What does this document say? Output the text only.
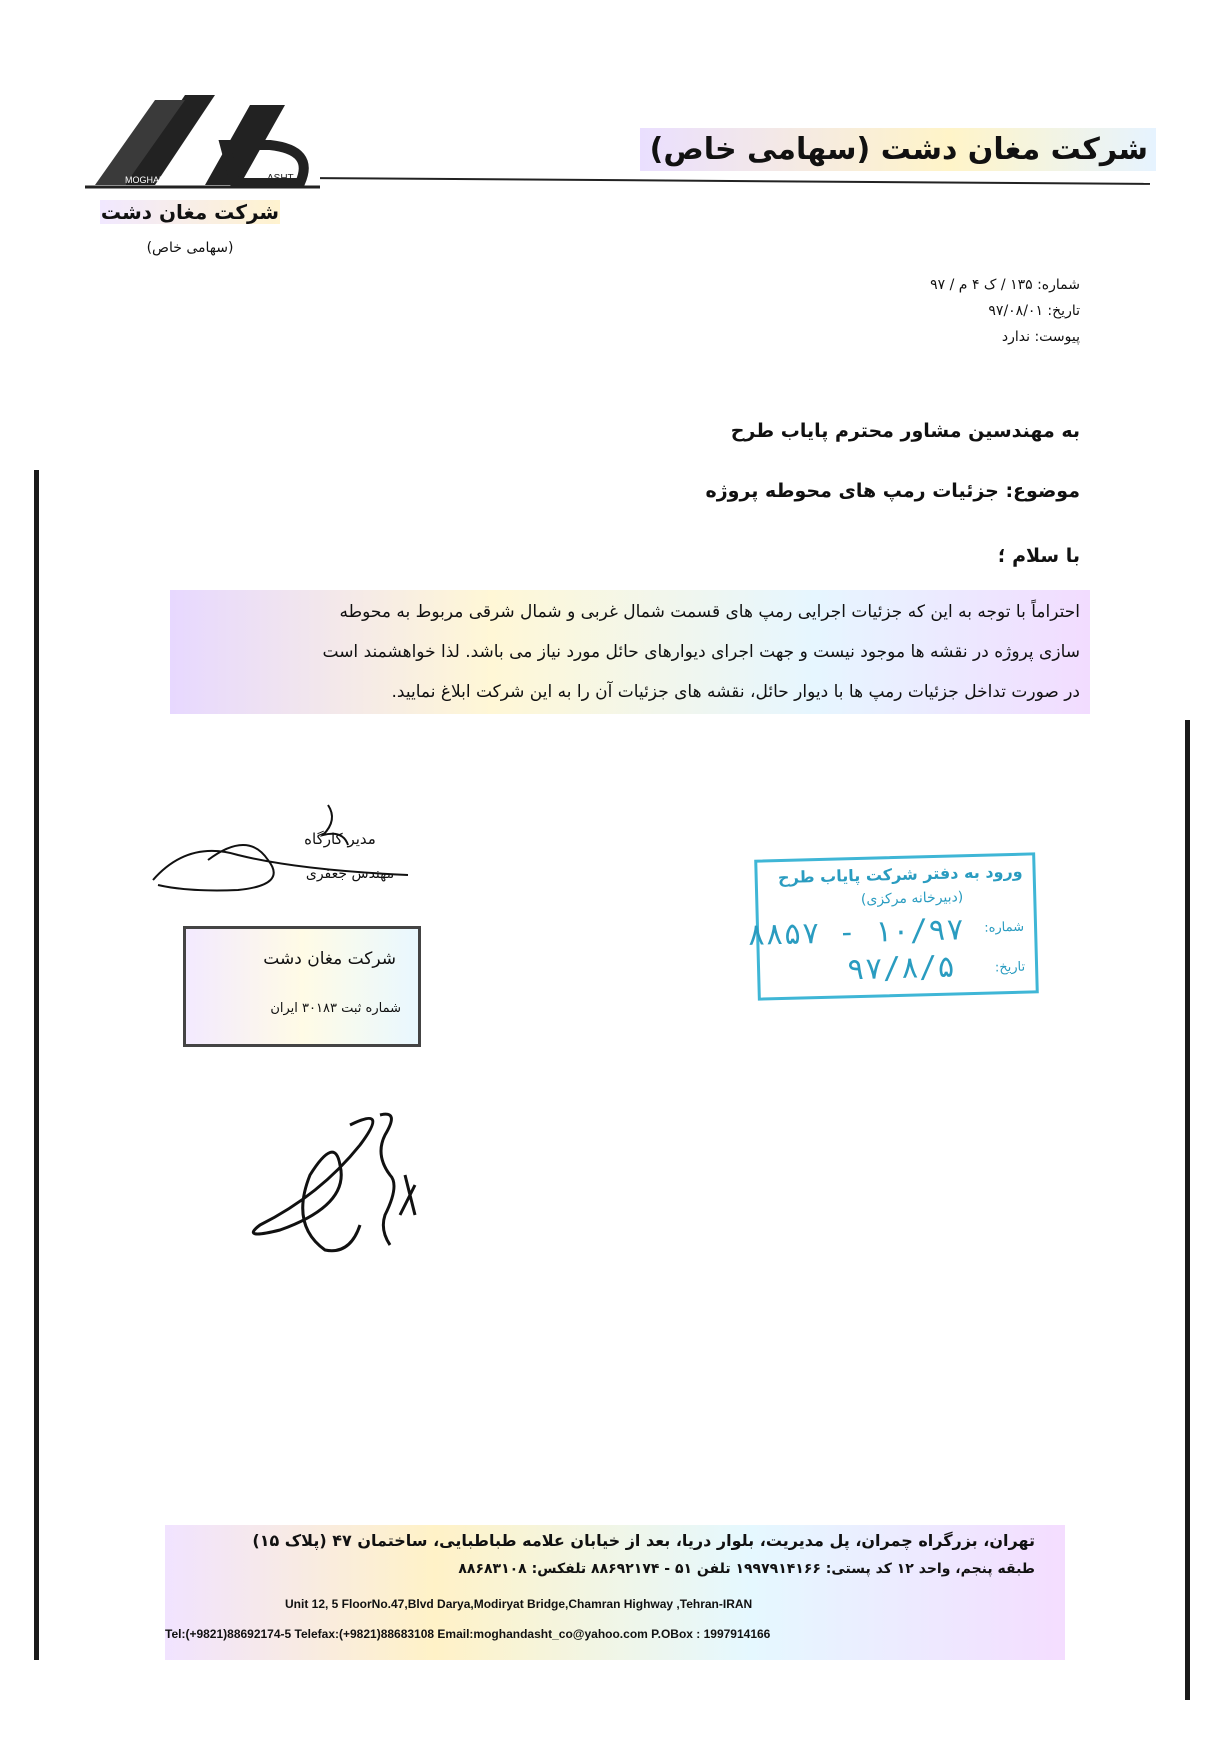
MOGHAN	ASHT
شرکت مغان دشت (سهامی خاص)
شرکت مغان دشت
(سهامی خاص)
شماره: ۱۳۵ / ک ۴ م / ۹۷
تاریخ: ۹۷/۰۸/۰۱
پیوست: ندارد
به مهندسین مشاور محترم پایاب طرح
موضوع: جزئیات رمپ های محوطه پروژه
با سلام ؛
احتراماً با توجه به این که جزئیات اجرایی رمپ های قسمت شمال غربی و شمال شرقی مربوط به محوطه
سازی پروژه در نقشه ها موجود نیست و جهت اجرای دیوارهای حائل مورد نیاز می باشد. لذا خواهشمند است
در صورت تداخل جزئیات رمپ ها با دیوار حائل، نقشه های جزئیات آن را به این شرکت ابلاغ نمایید.
مدیر کارگاه
مهندس جعفری
شرکت مغان دشت
شماره ثبت ۳۰۱۸۳ ایران
ورود به دفتر شرکت پایاب طرح
(دبیرخانه مرکزی)
شماره:
۱۰/۹۷ - ۸۸۵۷
تاریخ:
۹۷/۸/۵
تهران، بزرگراه چمران، پل مدیریت، بلوار دریا، بعد از خیابان علامه طباطبایی، ساختمان ۴۷ (پلاک ۱۵)
طبقه پنجم، واحد ۱۲ کد پستی: ۱۹۹۷۹۱۴۱۶۶ تلفن ۵۱ - ۸۸۶۹۲۱۷۴ تلفکس: ۸۸۶۸۳۱۰۸
Unit 12, 5 FloorNo.47,Blvd Darya,Modiryat Bridge,Chamran Highway ,Tehran-IRAN
Tel:(+9821)88692174-5 Telefax:(+9821)88683108 Email:moghandasht_co@yahoo.com P.OBox : 1997914166
